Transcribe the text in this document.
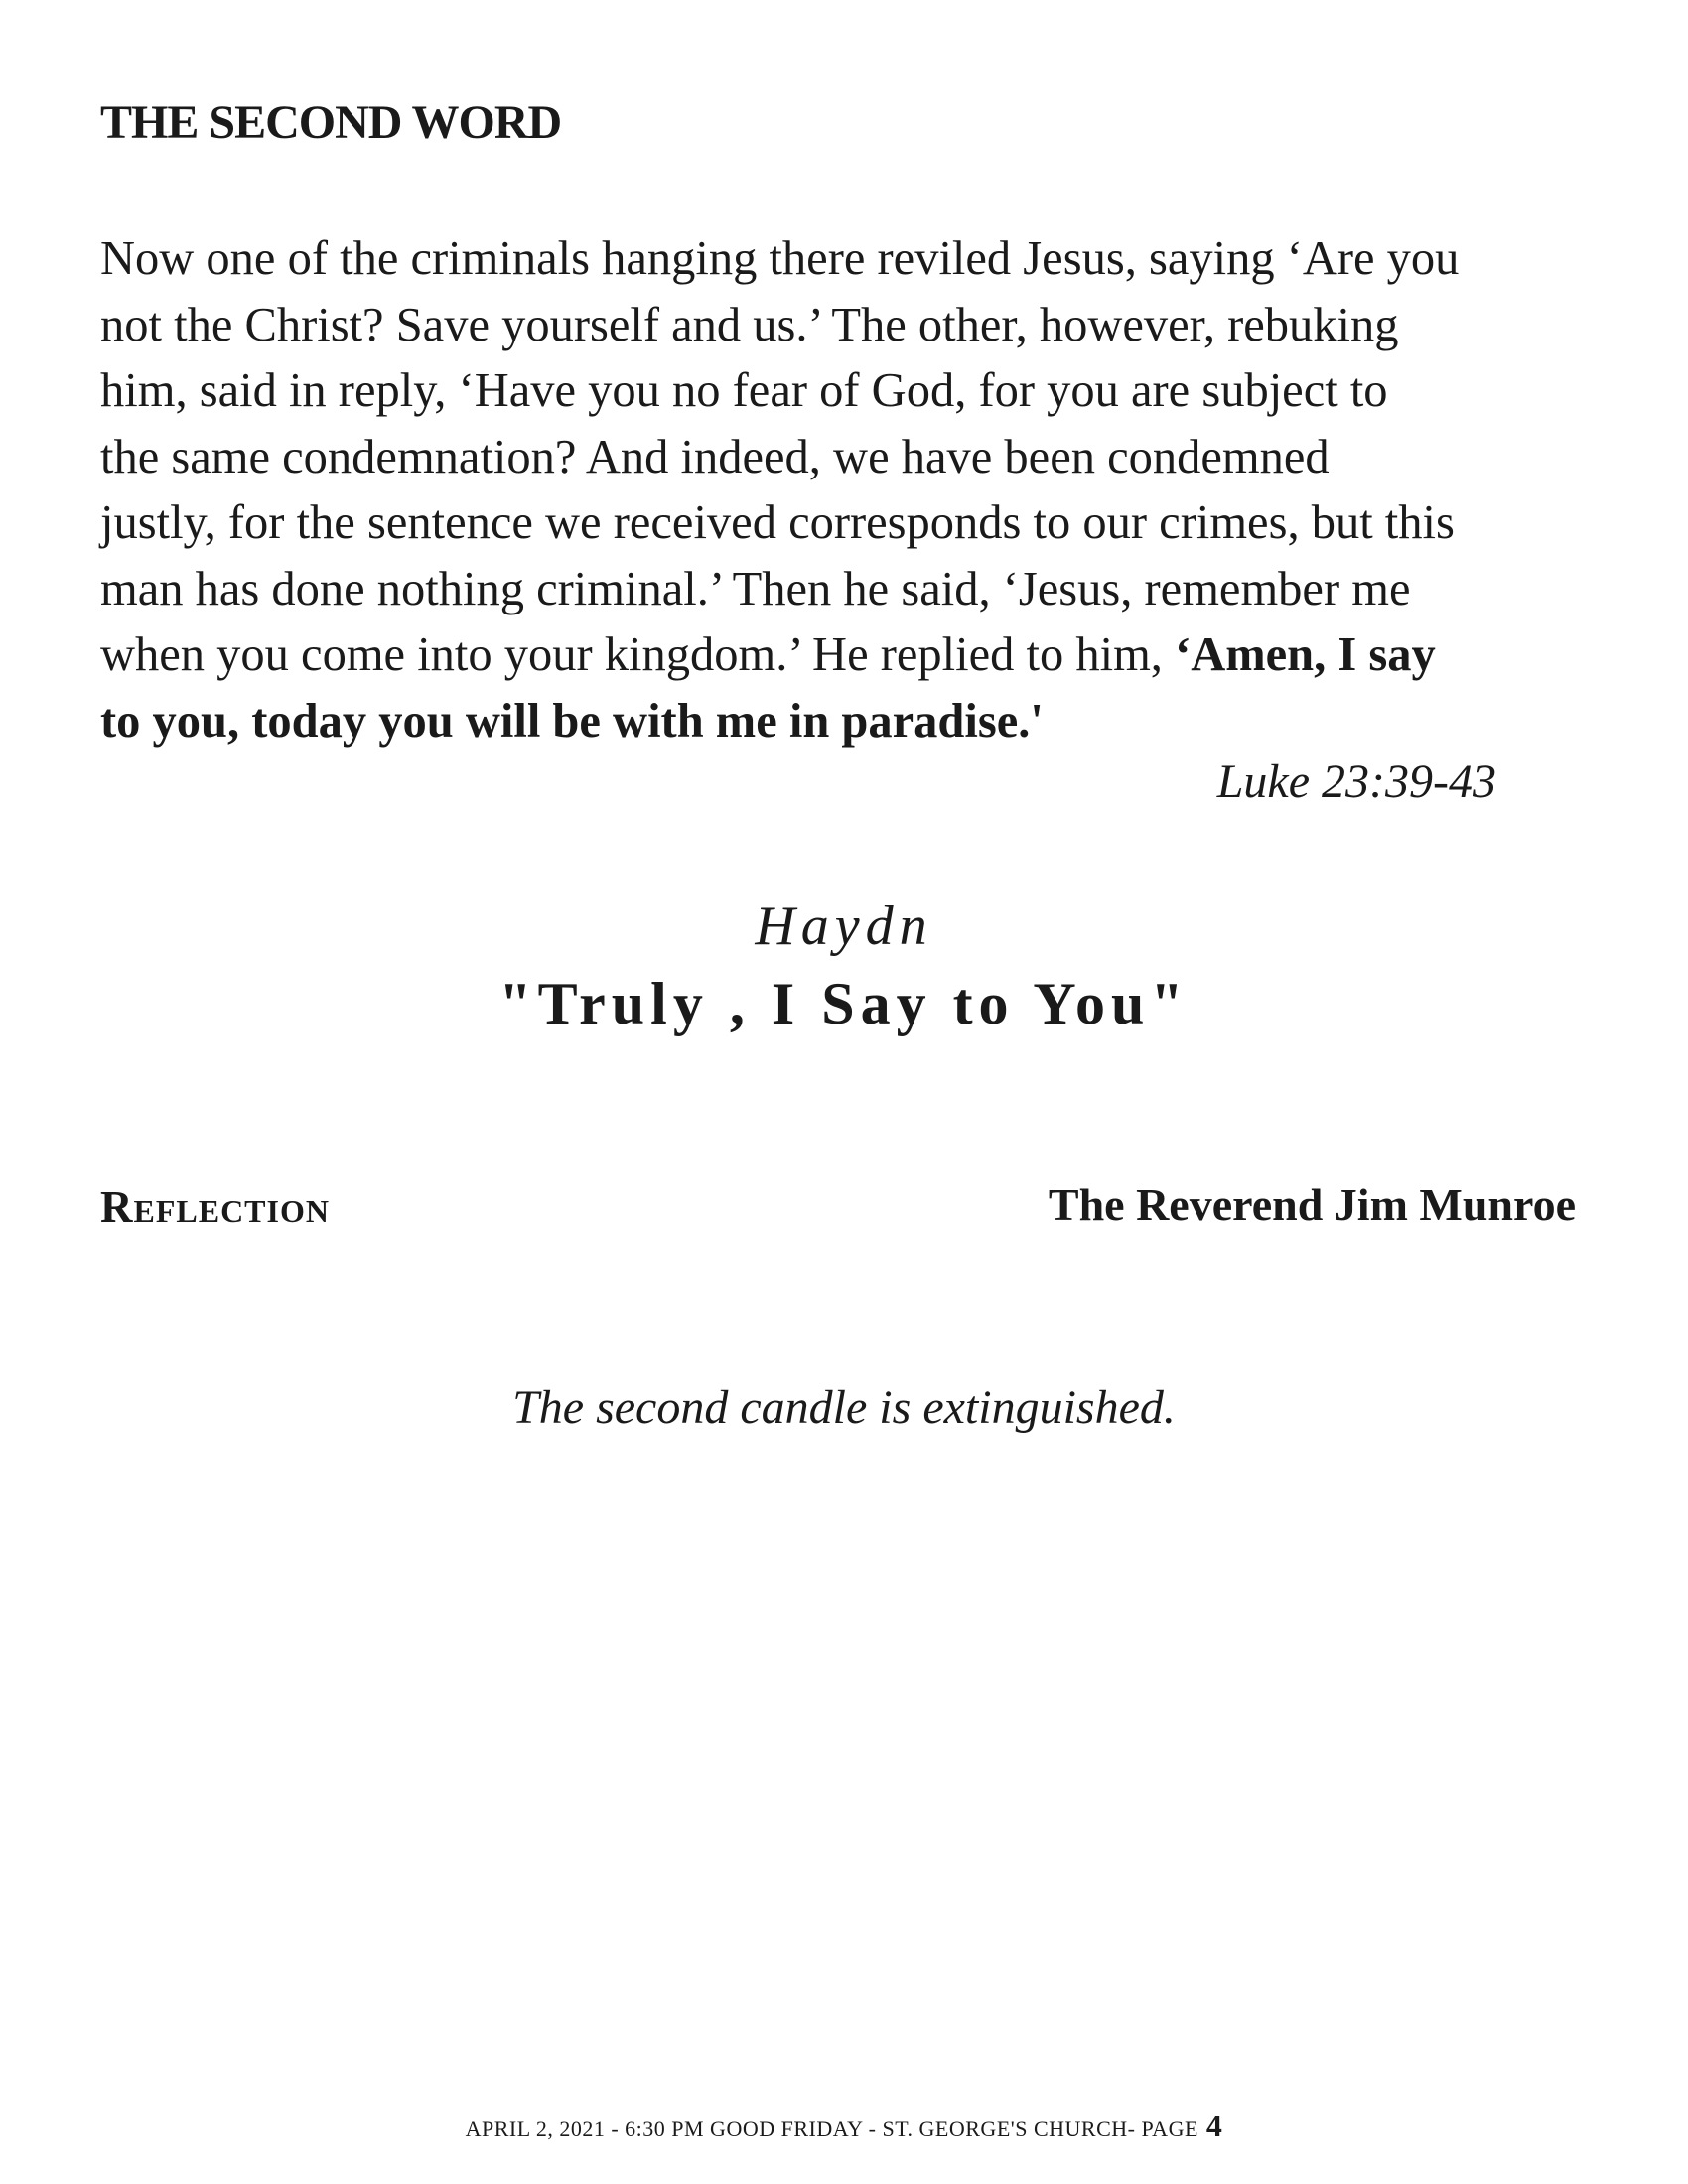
THE SECOND WORD

Now one of the criminals hanging there reviled Jesus, saying ‘Are you
not the Christ? Save yourself and us.’ The other, however, rebuking
him, said in reply, ‘Have you no fear of God, for you are subject to
the same condemnation? And indeed, we have been condemned
justly, for the sentence we received corresponds to our crimes, but this
man has done nothing criminal.’ Then he said, ‘Jesus, remember me
when you come into your kingdom.’ He replied to him, ‘Amen, I say
to you, today you will be with me in paradise.'

Luke 23:39-43

Haydn

"Truly , I Say to You"

Reflection	The Reverend Jim Munroe

The second candle is extinguished.

APRIL 2, 2021 - 6:30 PM GOOD FRIDAY - ST. GEORGE'S CHURCH- PAGE 4
